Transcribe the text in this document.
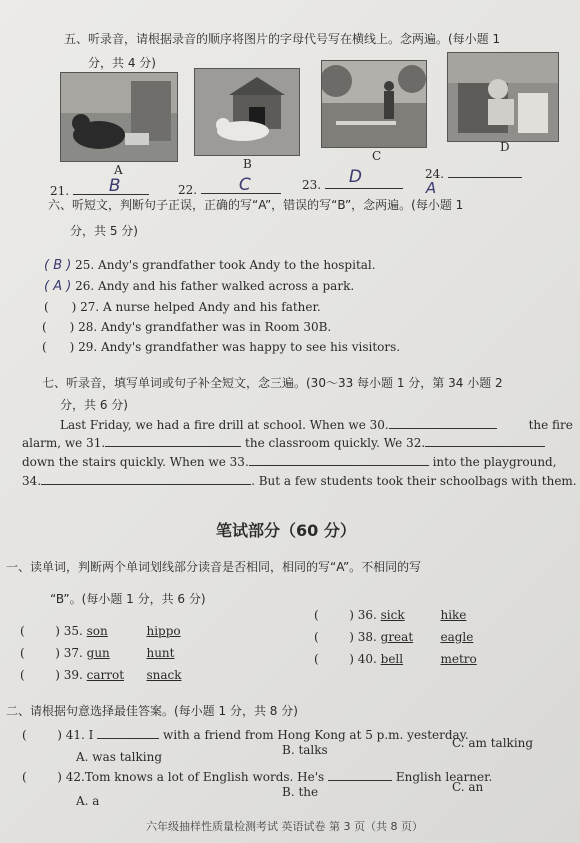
五、听录音，请根据录音的顺序将图片的字母代号写在横线上。念两遍。(每小题 1
分，共 4 分)
A	B
C
D
21. B	22. C	23. D	24.
A
六、听短文，判断句子正误，正确的写“A”，错误的写“B”，念两遍。(每小题 1
分，共 5 分)
( B ) 25. Andy's grandfather took Andy to the hospital.
( A ) 26. Andy and his father walked across a park.
(      ) 27. A nurse helped Andy and his father.
(      ) 28. Andy's grandfather was in Room 30B.
(      ) 29. Andy's grandfather was happy to see his visitors.
七、听录音，填写单词或句子补全短文，念三遍。(30～33 每小题 1 分，第 34 小题 2
分，共 6 分)
Last Friday, we had a fire drill at school. When we 30.	the fire
alarm, we 31.	the classroom quickly. We 32.
down the stairs quickly. When we 33.	into the playground,
34.	. But a few students took their schoolbags with them.
笔试部分（60 分）
一、读单词，判断两个单词划线部分读音是否相同，相同的写“A”。不相同的写
“B”。(每小题 1 分，共 6 分)
(        ) 35. son	hippo
(        ) 36. sick	hike
(        ) 37. gun	hunt
(        ) 38. great eagle
(        ) 39. carrot snack
(        ) 40. bell	metro
二、请根据句意选择最佳答案。(每小题 1 分，共 8 分)
(        ) 41. I	with a friend from Hong Kong at 5 p.m. yesterday.
A. was talking	B. talks	C. am talking
(        ) 42.Tom knows a lot of English words. He's	English learner.
A. a
B. the	C. an
六年级抽样性质量检测考试 英语试卷 第 3 页（共 8 页）
